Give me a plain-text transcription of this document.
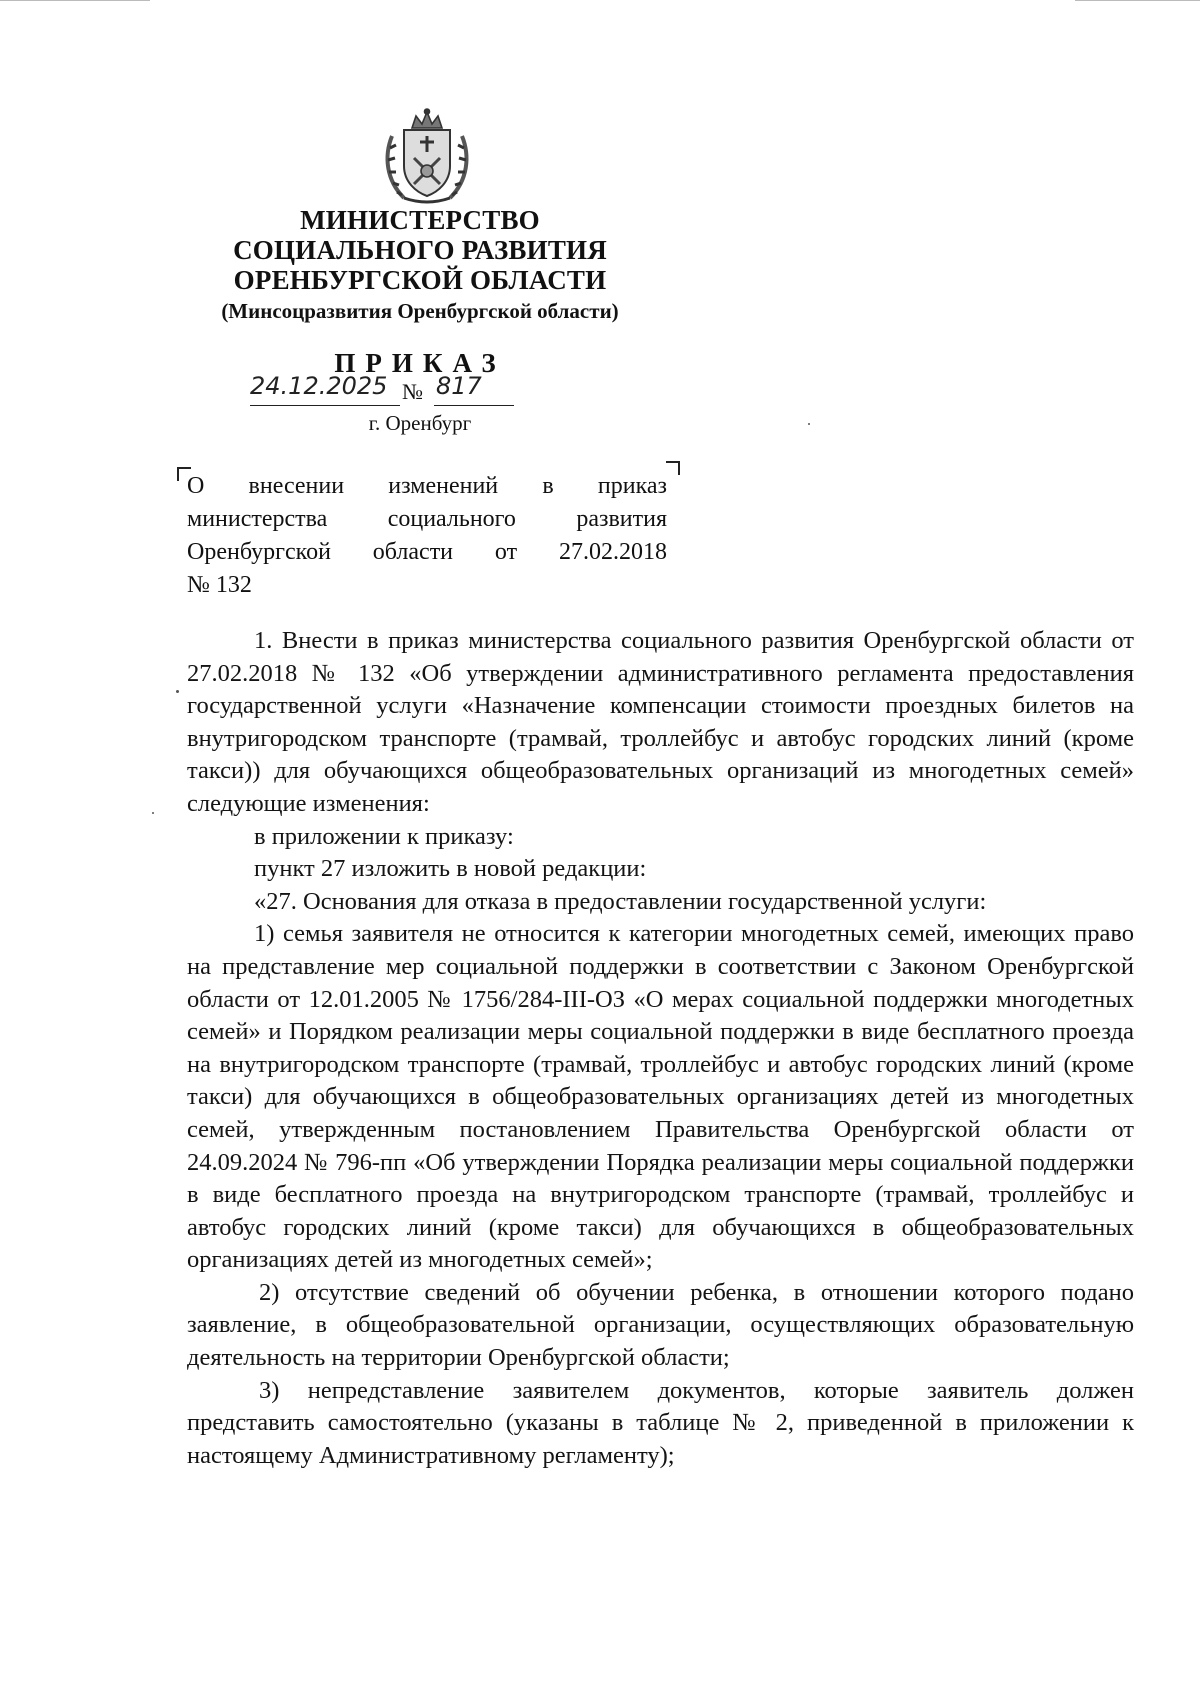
МИНИСТЕРСТВО
СОЦИАЛЬНОГО РАЗВИТИЯ
ОРЕНБУРГСКОЙ ОБЛАСТИ
(Минсоцразвития Оренбургской области)
ПРИКАЗ
24.12.2025 № 817
г. Оренбург
О внесении изменений в приказ
министерства социального развития
Оренбургской области от 27.02.2018
№ 132

1. Внести в приказ министерства социального развития Оренбургской области от 27.02.2018 № 132 «Об утверждении административного регламента предоставления государственной услуги «Назначение компенсации стоимости проездных билетов на внутригородском транспорте (трамвай, троллейбус и автобус городских линий (кроме такси)) для обучающихся общеобразовательных организаций из многодетных семей» следующие изменения:

в приложении к приказу:

пункт 27 изложить в новой редакции:

«27. Основания для отказа в предоставлении государственной услуги:

1) семья заявителя не относится к категории многодетных семей, имеющих право на представление мер социальной поддержки в соответствии с Законом Оренбургской области от 12.01.2005 № 1756/284-III-ОЗ «О мерах социальной поддержки многодетных семей» и Порядком реализации меры социальной поддержки в виде бесплатного проезда на внутригородском транспорте (трамвай, троллейбус и автобус городских линий (кроме такси) для обучающихся в общеобразовательных организациях детей из многодетных семей, утвержденным постановлением Правительства Оренбургской области от 24.09.2024 № 796-пп «Об утверждении Порядка реализации меры социальной поддержки в виде бесплатного проезда на внутригородском транспорте (трамвай, троллейбус и автобус городских линий (кроме такси) для обучающихся в общеобразовательных организациях детей из многодетных семей»;

2) отсутствие сведений об обучении ребенка, в отношении которого подано заявление, в общеобразовательной организации, осуществляющих образовательную деятельность на территории Оренбургской области;

3) непредставление заявителем документов, которые заявитель должен представить самостоятельно (указаны в таблице № 2, приведенной в приложении к настоящему Административному регламенту);
